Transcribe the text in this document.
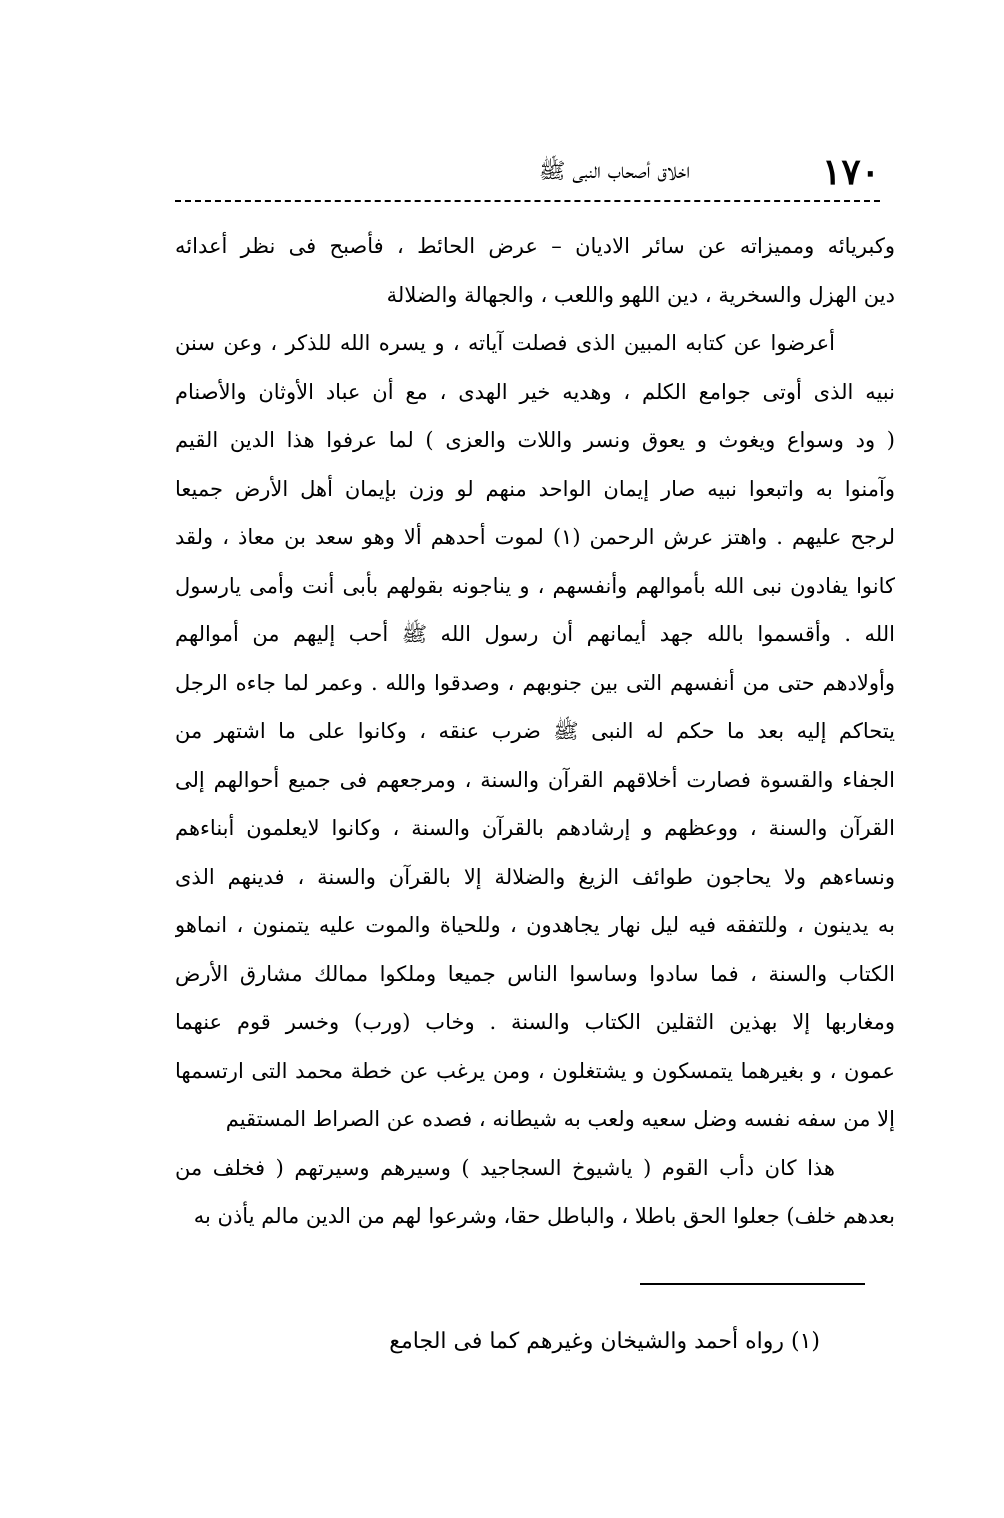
١٧٠
اخلاق أصحاب النبى ﷺ
وكبريائه ومميزاته عن سائر الاديان – عرض الحائط ، فأصبح فى نظر أعدائه
دين الهزل والسخرية ، دين اللهو واللعب ، والجهالة والضلالة
أعرضوا عن كتابه المبين الذى فصلت آياته ، و يسره الله للذكر ، وعن سنن
نبيه الذى أوتى جوامع الكلم ، وهديه خير الهدى ، مع أن عباد الأوثان والأصنام
( ود وسواع ويغوث و يعوق ونسر واللات والعزى ) لما عرفوا هذا الدين القيم
وآمنوا به واتبعوا نبيه صار إيمان الواحد منهم لو وزن بإيمان أهل الأرض جميعا
لرجح عليهم . واهتز عرش الرحمن (١) لموت أحدهم ألا وهو سعد بن معاذ ، ولقد
كانوا يفادون نبى الله بأموالهم وأنفسهم ، و يناجونه بقولهم بأبى أنت وأمى يارسول
الله . وأقسموا بالله جهد أيمانهم أن رسول الله ﷺ أحب إليهم من أموالهم
وأولادهم حتى من أنفسهم التى بين جنوبهم ، وصدقوا والله . وعمر لما جاءه الرجل
يتحاكم إليه بعد ما حكم له النبى ﷺ ضرب عنقه ، وكانوا على ما اشتهر من
الجفاء والقسوة فصارت أخلاقهم القرآن والسنة ، ومرجعهم فى جميع أحوالهم إلى
القرآن والسنة ، ووعظهم و إرشادهم بالقرآن والسنة ، وكانوا لايعلمون أبناءهم
ونساءهم ولا يحاجون طوائف الزيغ والضلالة إلا بالقرآن والسنة ، فدينهم الذى
به يدينون ، وللتفقه فيه ليل نهار يجاهدون ، وللحياة والموت عليه يتمنون ، انماهو
الكتاب والسنة ، فما سادوا وساسوا الناس جميعا وملكوا ممالك مشارق الأرض
ومغاربها إلا بهذين الثقلين الكتاب والسنة . وخاب (ورب) وخسر قوم عنهما
عمون ، و بغيرهما يتمسكون و يشتغلون ، ومن يرغب عن خطة محمد التى ارتسمها
إلا من سفه نفسه وضل سعيه ولعب به شيطانه ، فصده عن الصراط المستقيم
هذا كان دأب القوم ( ياشيوخ السجاجيد ) وسيرهم وسيرتهم ( فخلف من
بعدهم خلف) جعلوا الحق باطلا ، والباطل حقا، وشرعوا لهم من الدين مالم يأذن به
(١) رواه أحمد والشيخان وغيرهم كما فى الجامع
